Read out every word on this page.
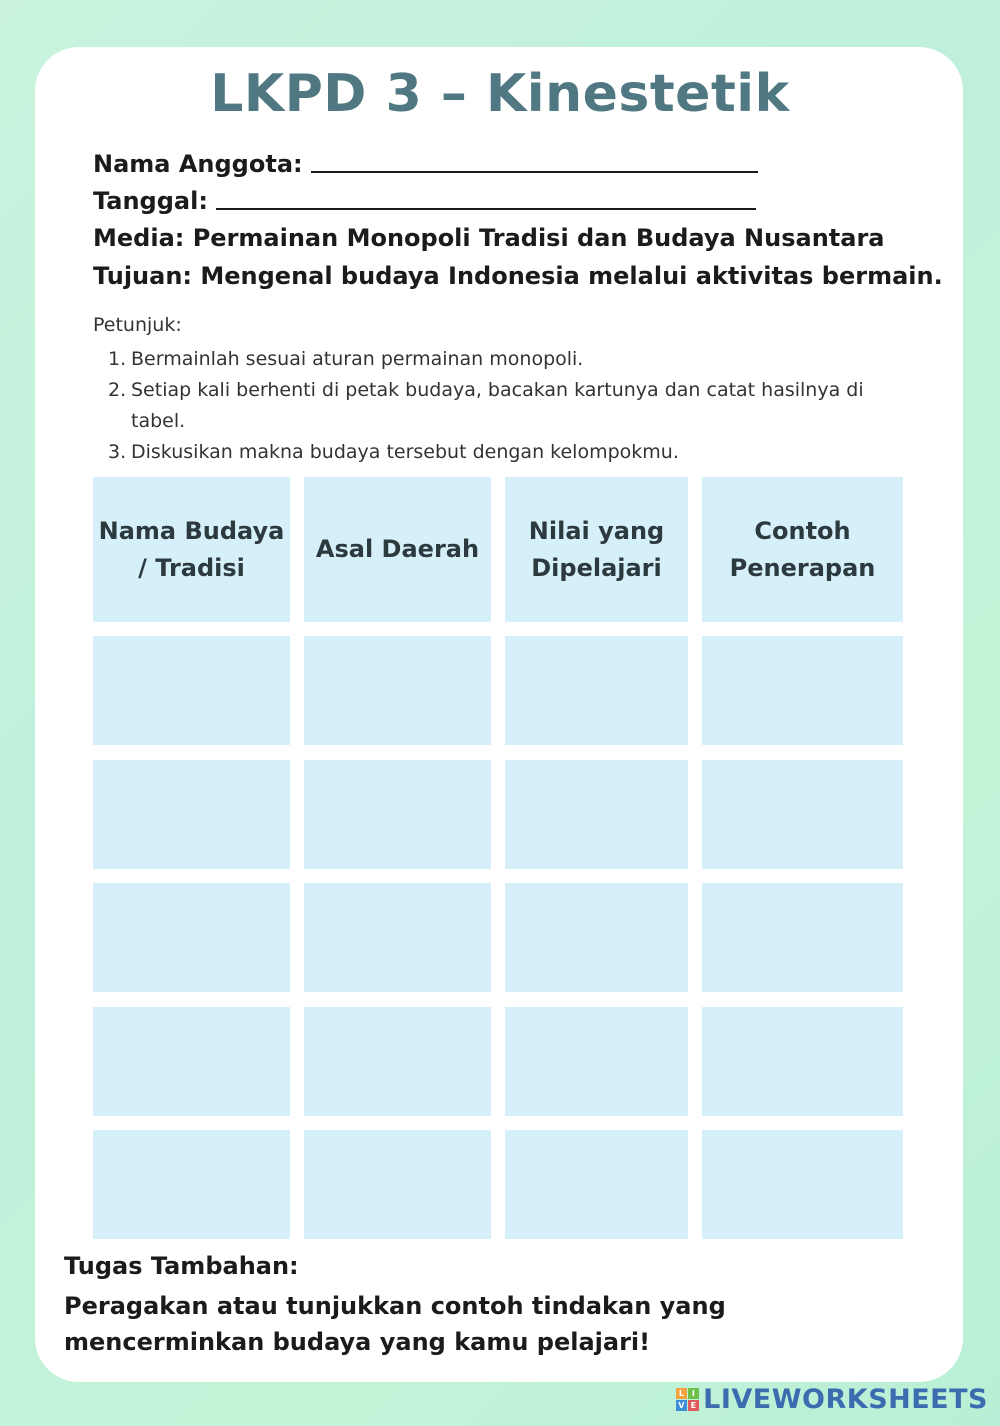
LKPD 3 – Kinestetik

Nama Anggota:

Tanggal:

Media: Permainan Monopoli Tradisi dan Budaya Nusantara

Tujuan: Mengenal budaya Indonesia melalui aktivitas bermain.

Petunjuk:
1. Bermainlah sesuai aturan permainan monopoli.
2. Setiap kali berhenti di petak budaya, bacakan kartunya dan catat hasilnya di tabel.
3. Diskusikan makna budaya tersebut dengan kelompokmu.
Nama Budaya / Tradisi
Asal Daerah
Nilai yang Dipelajari
Contoh Penerapan
Tugas Tambahan:

Peragakan atau tunjukkan contoh tindakan yang mencerminkan budaya yang kamu pelajari!

L I
V E LIVEWORKSHEETS
